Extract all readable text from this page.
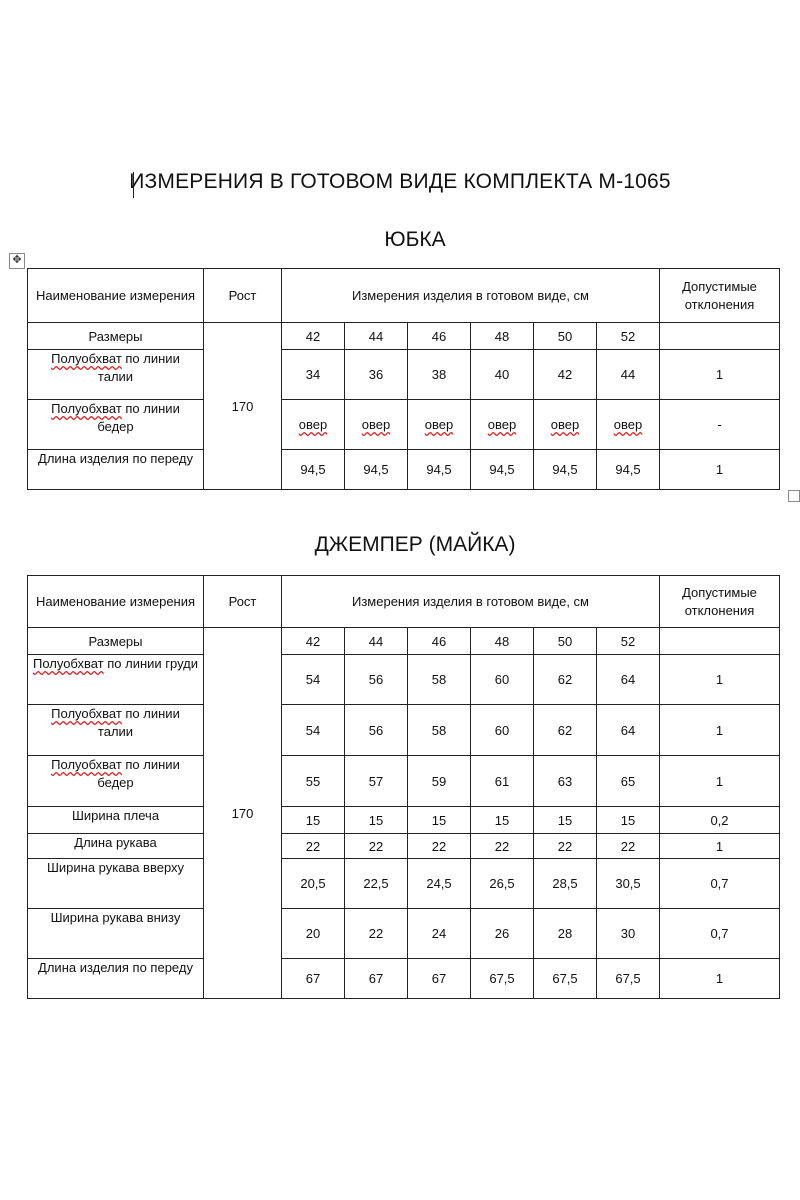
ИЗМЕРЕНИЯ В ГОТОВОМ ВИДЕ КОМПЛЕКТА М-1065
ЮБКА
✥
Наименование измерения	Рост	Измерения изделия в готовом виде, см						Допустимые отклонения
Размеры	170	42	44	46	48	50	52	
Полуобхват по линии талии		34	36	38	40	42	44	1
Полуобхват по линии бедер		овер	овер	овер	овер	овер	овер	-
Длина изделия по переду		94,5	94,5	94,5	94,5	94,5	94,5	1
ДЖЕМПЕР (МАЙКА)
Наименование измерения	Рост	Измерения изделия в готовом виде, см						Допустимые отклонения
Размеры	170	42	44	46	48	50	52	
Полуобхват по линии груди		54	56	58	60	62	64	1
Полуобхват по линии талии		54	56	58	60	62	64	1
Полуобхват по линии бедер		55	57	59	61	63	65	1
Ширина плеча		15	15	15	15	15	15	0,2
Длина рукава		22	22	22	22	22	22	1
Ширина рукава вверху		20,5	22,5	24,5	26,5	28,5	30,5	0,7
Ширина рукава внизу		20	22	24	26	28	30	0,7
Длина изделия по переду		67	67	67	67,5	67,5	67,5	1
